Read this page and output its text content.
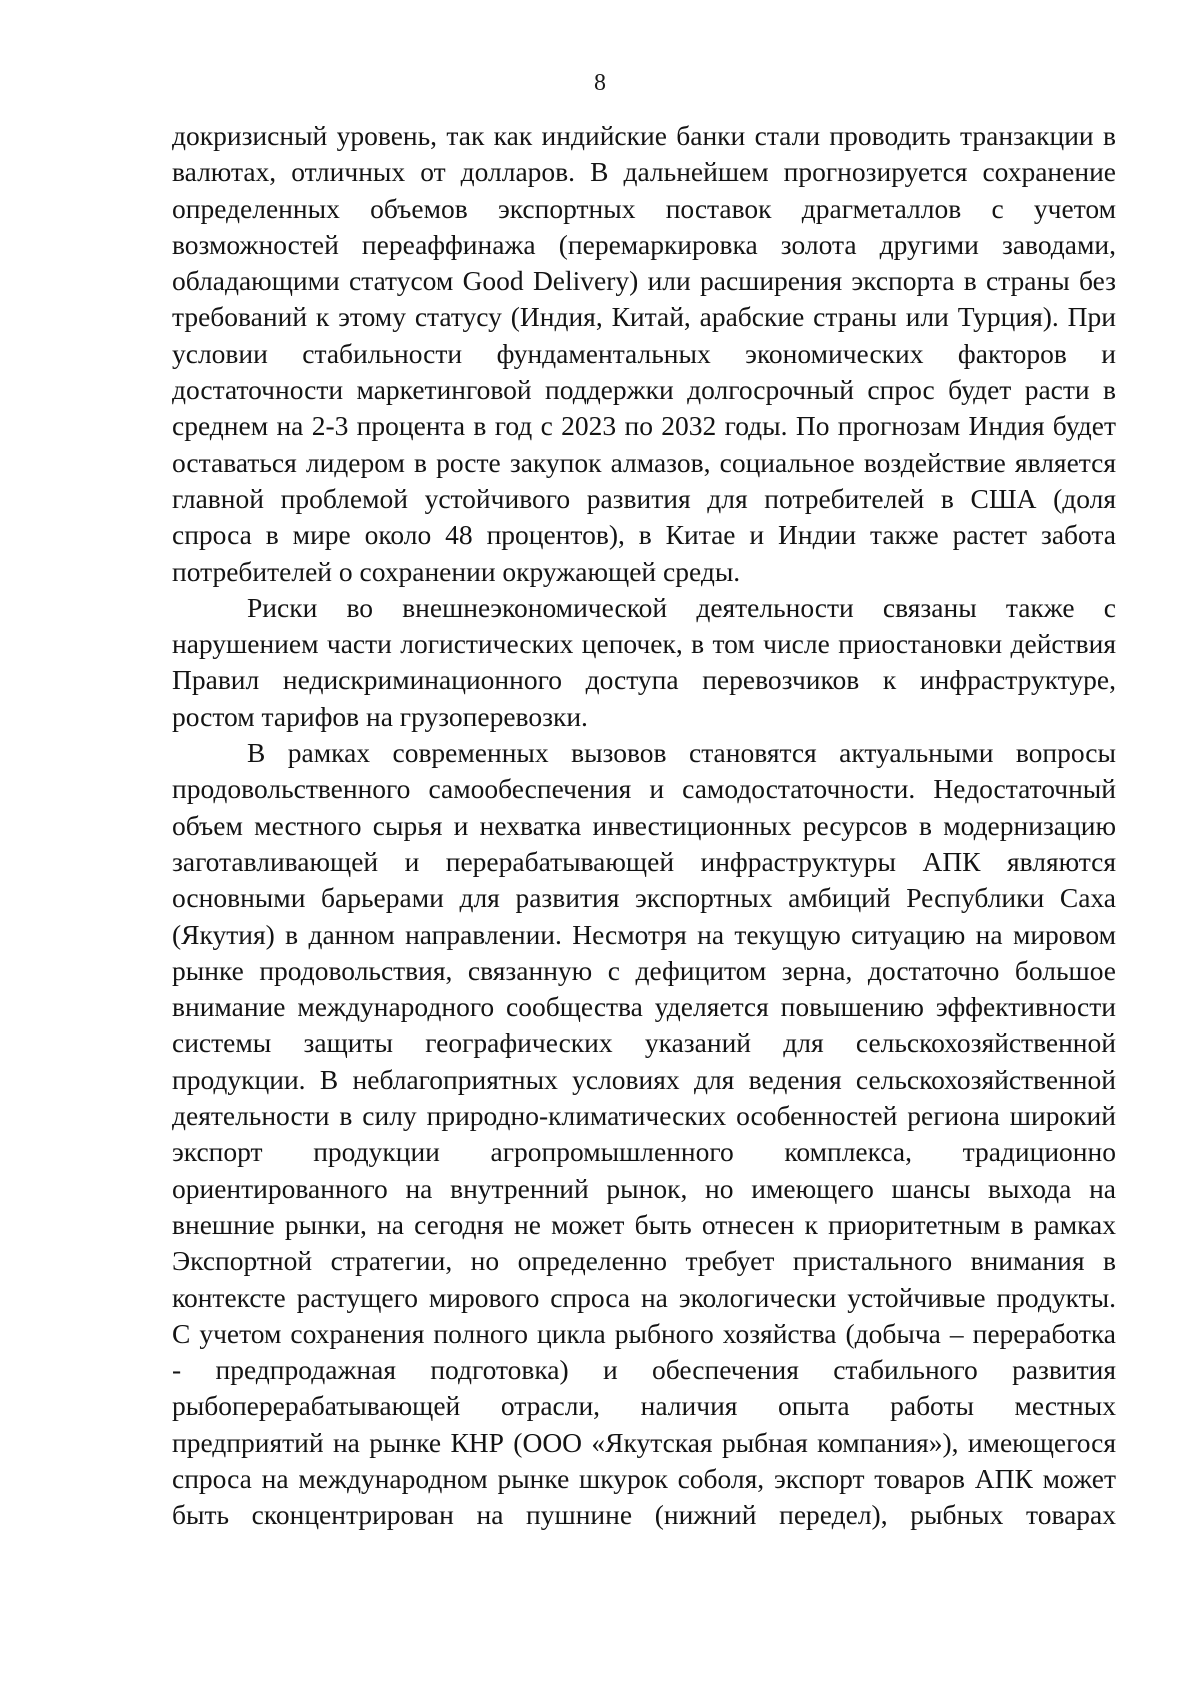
8
докризисный уровень, так как индийские банки стали проводить транзакции в
валютах, отличных от долларов. В дальнейшем прогнозируется сохранение
определенных объемов экспортных поставок драгметаллов с учетом
возможностей переаффинажа (перемаркировка золота другими заводами,
обладающими статусом Good Delivery) или расширения экспорта в страны без
требований к этому статусу (Индия, Китай, арабские страны или Турция). При
условии стабильности фундаментальных экономических факторов и
достаточности маркетинговой поддержки долгосрочный спрос будет расти в
среднем на 2-3 процента в год с 2023 по 2032 годы. По прогнозам Индия будет
оставаться лидером в росте закупок алмазов, социальное воздействие является
главной проблемой устойчивого развития для потребителей в США (доля
спроса в мире около 48 процентов), в Китае и Индии также растет забота
потребителей о сохранении окружающей среды.
Риски во внешнеэкономической деятельности связаны также с
нарушением части логистических цепочек, в том числе приостановки действия
Правил недискриминационного доступа перевозчиков к инфраструктуре,
ростом тарифов на грузоперевозки.
В рамках современных вызовов становятся актуальными вопросы
продовольственного самообеспечения и самодостаточности. Недостаточный
объем местного сырья и нехватка инвестиционных ресурсов в модернизацию
заготавливающей и перерабатывающей инфраструктуры АПК являются
основными барьерами для развития экспортных амбиций Республики Саха
(Якутия) в данном направлении. Несмотря на текущую ситуацию на мировом
рынке продовольствия, связанную с дефицитом зерна, достаточно большое
внимание международного сообщества уделяется повышению эффективности
системы защиты географических указаний для сельскохозяйственной
продукции. В неблагоприятных условиях для ведения сельскохозяйственной
деятельности в силу природно-климатических особенностей региона широкий
экспорт продукции агропромышленного комплекса, традиционно
ориентированного на внутренний рынок, но имеющего шансы выхода на
внешние рынки, на сегодня не может быть отнесен к приоритетным в рамках
Экспортной стратегии, но определенно требует пристального внимания в
контексте растущего мирового спроса на экологически устойчивые продукты.
С учетом сохранения полного цикла рыбного хозяйства (добыча – переработка
- предпродажная подготовка) и обеспечения стабильного развития
рыбоперерабатывающей отрасли, наличия опыта работы местных
предприятий на рынке КНР (ООО «Якутская рыбная компания»), имеющегося
спроса на международном рынке шкурок соболя, экспорт товаров АПК может
быть сконцентрирован на пушнине (нижний передел), рыбных товарах
